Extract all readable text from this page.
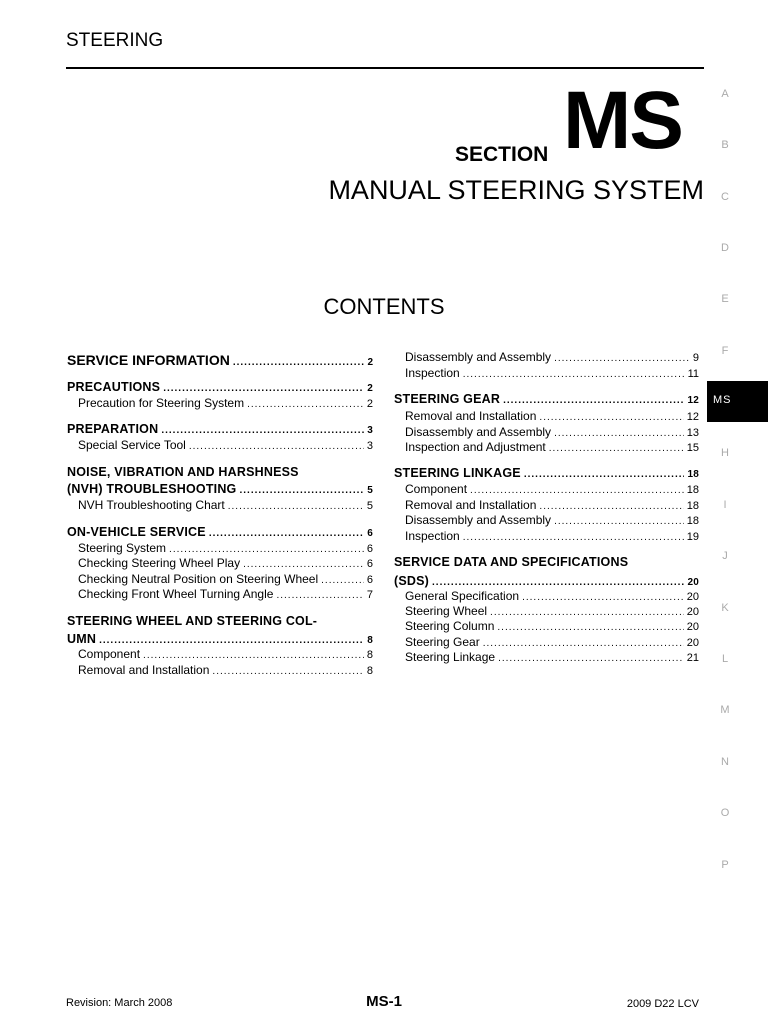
STEERING
SECTION MS
MANUAL STEERING SYSTEM
CONTENTS
SERVICE INFORMATION .....	2
PRECAUTIONS .....	2
Precaution for Steering System .....	2
PREPARATION .....	3
Special Service Tool .....	3
NOISE, VIBRATION AND HARSHNESS
(NVH) TROUBLESHOOTING .....	5
NVH Troubleshooting Chart .....	5
ON-VEHICLE SERVICE .....	6
Steering System .....	6
Checking Steering Wheel Play .....	6
Checking Neutral Position on Steering Wheel .....	6
Checking Front Wheel Turning Angle .....	7
STEERING WHEEL AND STEERING COL-
UMN .....	8
Component .....	8
Removal and Installation .....	8
Disassembly and Assembly .....	9
Inspection .....	11
STEERING GEAR .....	12
Removal and Installation .....	12
Disassembly and Assembly .....	13
Inspection and Adjustment .....	15
STEERING LINKAGE .....	18
Component .....	18
Removal and Installation .....	18
Disassembly and Assembly .....	18
Inspection .....	19
SERVICE DATA AND SPECIFICATIONS
(SDS) .....	20
General Specification .....	20
Steering Wheel .....	20
Steering Column .....	20
Steering Gear .....	20
Steering Linkage .....	21
A
B
C
D
E
F
H
I
J
K
L
M
N
O
P
MS
Revision: March 2008	MS-1	2009 D22 LCV
